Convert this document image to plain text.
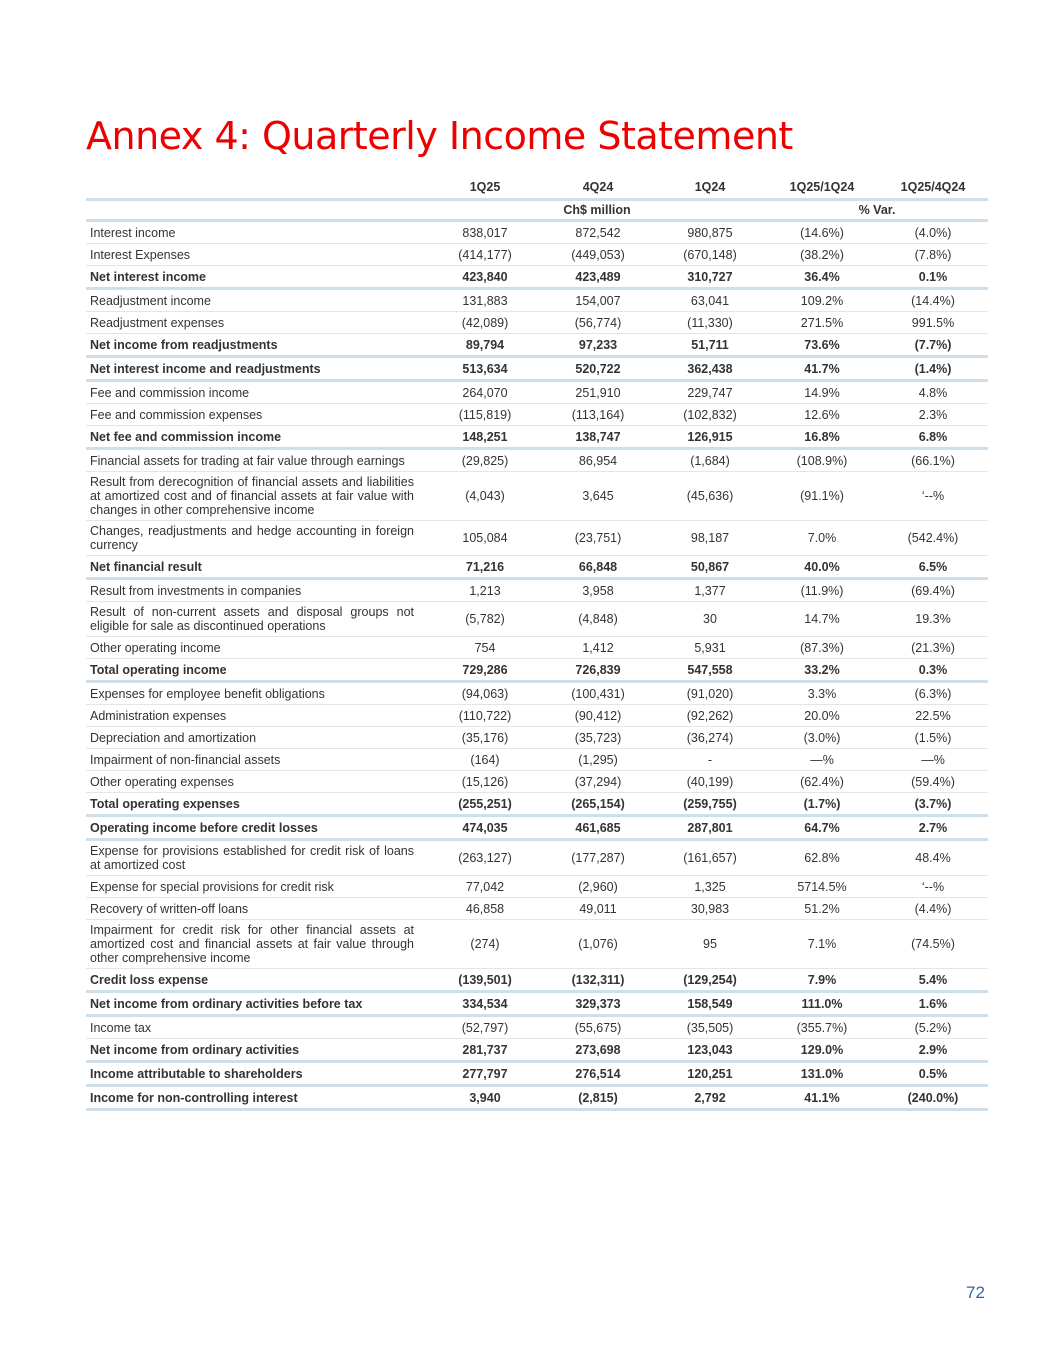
Annex 4: Quarterly Income Statement
	1Q25	4Q24	1Q24	1Q25/1Q24	1Q25/4Q24
	Ch$ million			% Var.	
Interest income	838,017	872,542	980,875	(14.6%)	(4.0%)
Interest Expenses	(414,177)	(449,053)	(670,148)	(38.2%)	(7.8%)
Net interest income	423,840	423,489	310,727	36.4%	0.1%
Readjustment income	131,883	154,007	63,041	109.2%	(14.4%)
Readjustment expenses	(42,089)	(56,774)	(11,330)	271.5%	991.5%
Net income from readjustments	89,794	97,233	51,711	73.6%	(7.7%)
Net interest income and readjustments	513,634	520,722	362,438	41.7%	(1.4%)
Fee and commission income	264,070	251,910	229,747	14.9%	4.8%
Fee and commission expenses	(115,819)	(113,164)	(102,832)	12.6%	2.3%
Net fee and commission income	148,251	138,747	126,915	16.8%	6.8%
Financial assets for trading at fair value through earnings	(29,825)	86,954	(1,684)	(108.9%)	(66.1%)
Result from derecognition of financial assets and liabilities at amortized cost and of financial assets at fair value with changes in other comprehensive income	(4,043)	3,645	(45,636)	(91.1%)	‘--%
Changes, readjustments and hedge accounting in foreign currency	105,084	(23,751)	98,187	7.0%	(542.4%)
Net financial result	71,216	66,848	50,867	40.0%	6.5%
Result from investments in companies	1,213	3,958	1,377	(11.9%)	(69.4%)
Result of non-current assets and disposal groups not eligible for sale as discontinued operations	(5,782)	(4,848)	30	14.7%	19.3%
Other operating income	754	1,412	5,931	(87.3%)	(21.3%)
Total operating income	729,286	726,839	547,558	33.2%	0.3%
Expenses for employee benefit obligations	(94,063)	(100,431)	(91,020)	3.3%	(6.3%)
Administration expenses	(110,722)	(90,412)	(92,262)	20.0%	22.5%
Depreciation and amortization	(35,176)	(35,723)	(36,274)	(3.0%)	(1.5%)
Impairment of non-financial assets	(164)	(1,295)	-	—%	—%
Other operating expenses	(15,126)	(37,294)	(40,199)	(62.4%)	(59.4%)
Total operating expenses	(255,251)	(265,154)	(259,755)	(1.7%)	(3.7%)
Operating income before credit losses	474,035	461,685	287,801	64.7%	2.7%
Expense for provisions established for credit risk of loans at amortized cost	(263,127)	(177,287)	(161,657)	62.8%	48.4%
Expense for special provisions for credit risk	77,042	(2,960)	1,325	5714.5%	‘--%
Recovery of written-off loans	46,858	49,011	30,983	51.2%	(4.4%)
Impairment for credit risk for other financial assets at amortized cost and financial assets at fair value through other comprehensive income	(274)	(1,076)	95	7.1%	(74.5%)
Credit loss expense	(139,501)	(132,311)	(129,254)	7.9%	5.4%
Net income from ordinary activities before tax	334,534	329,373	158,549	111.0%	1.6%
Income tax	(52,797)	(55,675)	(35,505)	(355.7%)	(5.2%)
Net income from ordinary activities	281,737	273,698	123,043	129.0%	2.9%
Income attributable to shareholders	277,797	276,514	120,251	131.0%	0.5%
Income for non-controlling interest	3,940	(2,815)	2,792	41.1%	(240.0%)
72
